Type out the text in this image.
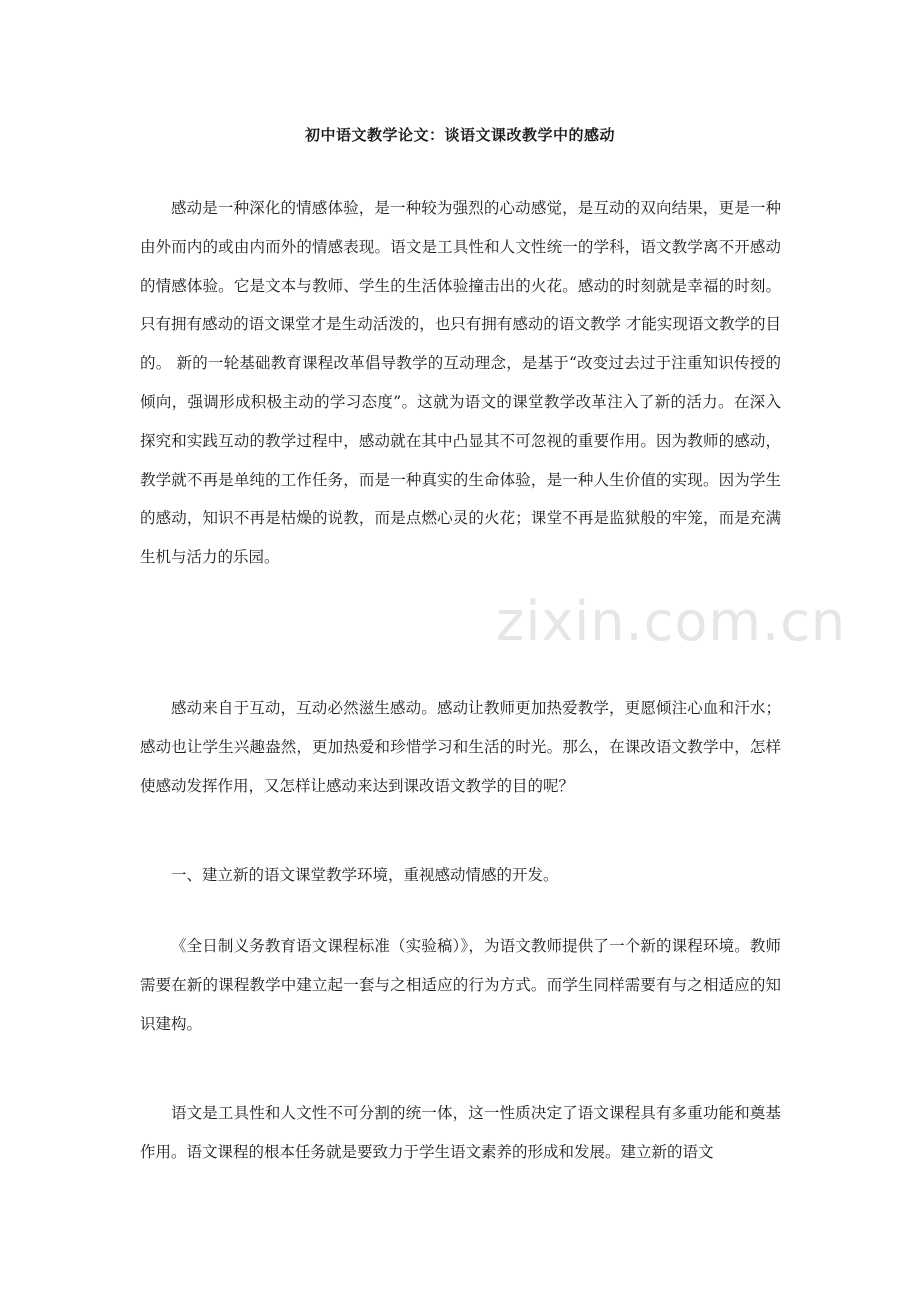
初中语文教学论文：谈语文课改教学中的感动

感动是一种深化的情感体验，是一种较为强烈的心动感觉，是互动的双向结果，更是一种由外而内的或由内而外的情感表现。语文是工具性和人文性统一的学科，语文教学离不开感动的情感体验。它是文本与教师、学生的生活体验撞击出的火花。感动的时刻就是幸福的时刻。只有拥有感动的语文课堂才是生动活泼的，也只有拥有感动的语文教学 才能实现语文教学的目的。 新的一轮基础教育课程改革倡导教学的互动理念，是基于“改变过去过于注重知识传授的倾向，强调形成积极主动的学习态度”。这就为语文的课堂教学改革注入了新的活力。在深入探究和实践互动的教学过程中，感动就在其中凸显其不可忽视的重要作用。因为教师的感动，教学就不再是单纯的工作任务，而是一种真实的生命体验，是一种人生价值的实现。因为学生的感动，知识不再是枯燥的说教，而是点燃心灵的火花；课堂不再是监狱般的牢笼，而是充满生机与活力的乐园。

感动来自于互动，互动必然滋生感动。感动让教师更加热爱教学，更愿倾注心血和汗水；感动也让学生兴趣盎然，更加热爱和珍惜学习和生活的时光。那么，在课改语文教学中，怎样使感动发挥作用，又怎样让感动来达到课改语文教学的目的呢？

一、建立新的语文课堂教学环境，重视感动情感的开发。

《全日制义务教育语文课程标准（实验稿）》，为语文教师提供了一个新的课程环境。教师需要在新的课程教学中建立起一套与之相适应的行为方式。而学生同样需要有与之相适应的知识建构。

语文是工具性和人文性不可分割的统一体，这一性质决定了语文课程具有多重功能和奠基作用。语文课程的根本任务就是要致力于学生语文素养的形成和发展。建立新的语文

zixin.com.cn
